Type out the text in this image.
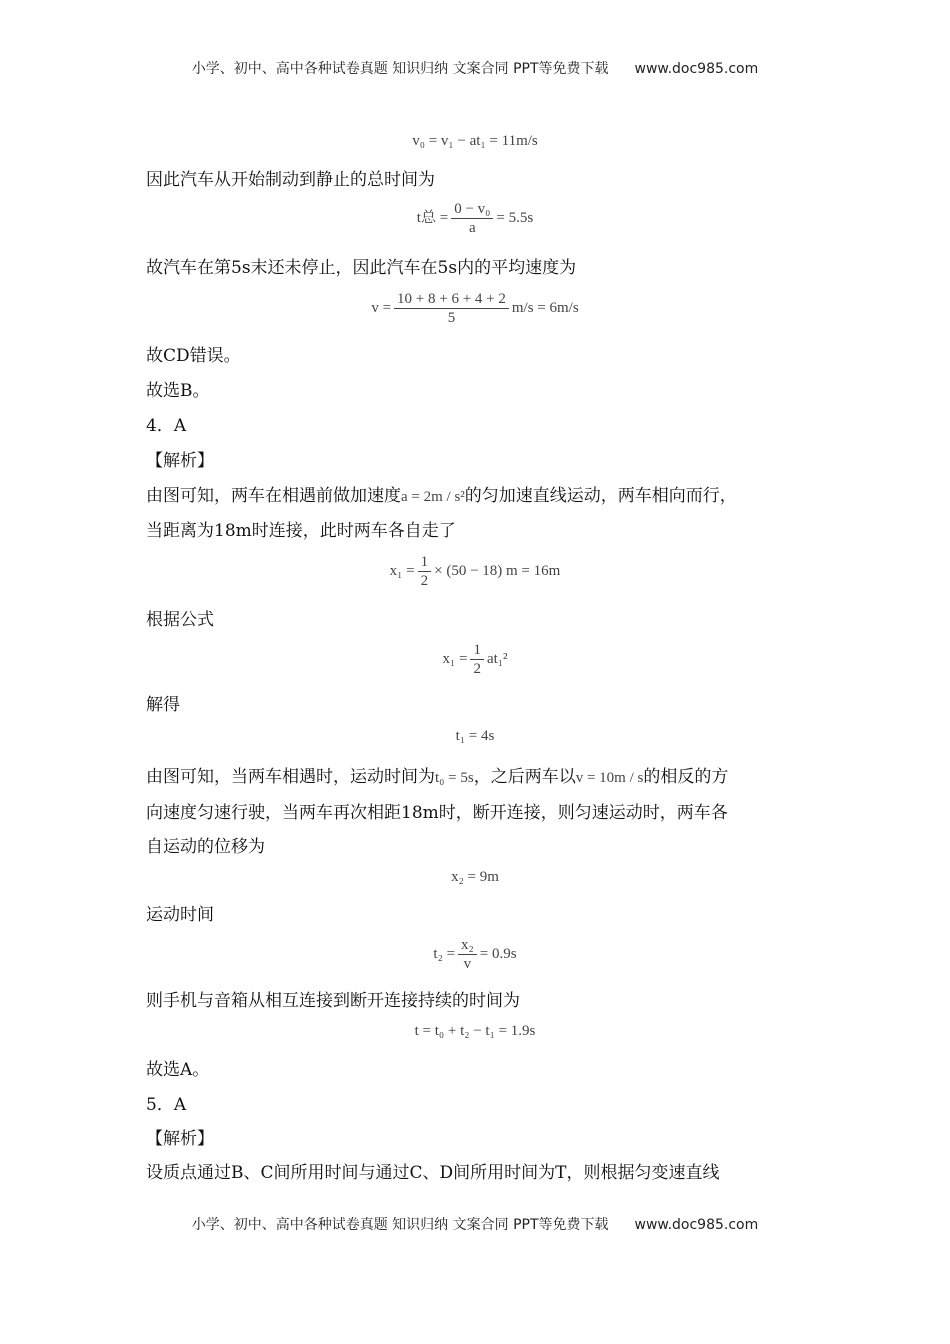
小学、初中、高中各种试卷真题 知识归纳 文案合同 PPT等免费下载 www.doc985.com
v₀ = v₁ − at₁ = 11m/s
因此汽车从开始制动到静止的总时间为
t总 = $\frac{\text{0 − v₀}}{a} = 5.5s$
故汽车在第5s末还未停止，因此汽车在5s内的平均速度为
$v = \frac{10 + 8 + 6 + 4 + 2}{5} m/s = 6m/s$
故CD错误。
故选B。
4．A
【解析】
由图可知，两车在相遇前做加速度a = 2m / s²的匀加速直线运动，两车相向而行，
当距离为18m时连接，此时两车各自走了
$x_1 = \frac{1}{2} \times (50 - 18) m = 16m$
根据公式
$x_1 = \frac{1}{2} at_1^2$
解得
t₁ = 4s
由图可知，当两车相遇时，运动时间为t₀ = 5s，之后两车以v = 10m / s的相反的方
向速度匀速行驶，当两车再次相距18m时，断开连接，则匀速运动时，两车各
自运动的位移为
x₂ = 9m
运动时间
$t_2 = \frac{\text{x₂}}{v} = 0.9s$
则手机与音箱从相互连接到断开连接持续的时间为
t = t₀ + t₂ − t₁ = 1.9s
故选A。
5．A
【解析】
设质点通过B、C间所用时间与通过C、D间所用时间为T，则根据匀变速直线
小学、初中、高中各种试卷真题 知识归纳 文案合同 PPT等免费下载 www.doc985.com
